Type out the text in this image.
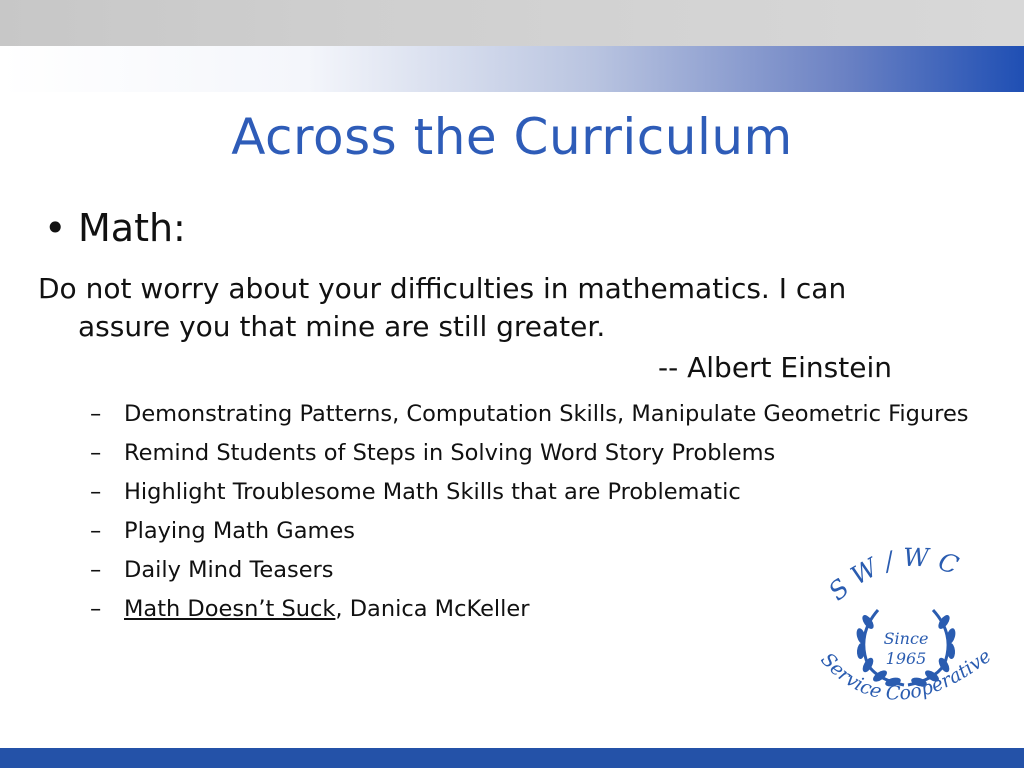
Across the Curriculum
• Math:
Do not worry about your difficulties in mathematics. I can
assure you that mine are still greater.
-- Albert Einstein
– Demonstrating Patterns, Computation Skills, Manipulate Geometric Figures
– Remind Students of Steps in Solving Word Story Problems
– Highlight Troublesome Math Skills that are Problematic
– Playing Math Games
– Daily Mind Teasers
– Math Doesn’t Suck, Danica McKeller
S W / W C
Since
1965
Service Cooperative
